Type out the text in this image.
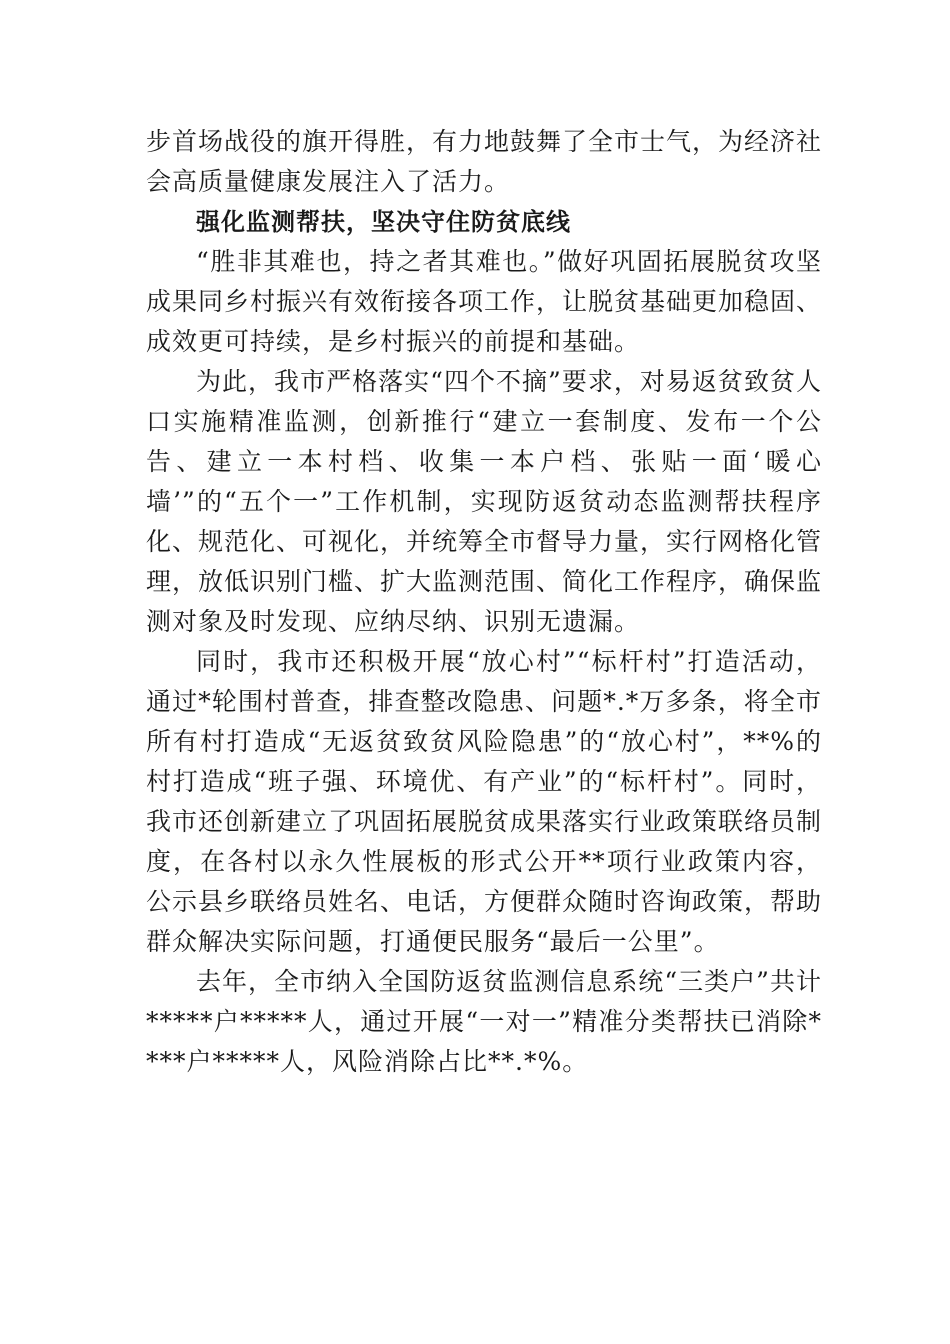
步首场战役的旗开得胜，有力地鼓舞了全市士气，为经济社会高质量健康发展注入了活力。

强化监测帮扶，坚决守住防贫底线

“胜非其难也，持之者其难也。”做好巩固拓展脱贫攻坚成果同乡村振兴有效衔接各项工作，让脱贫基础更加稳固、 成效更可持续，是乡村振兴的前提和基础。

为此，我市严格落实“四个不摘”要求，对易返贫致贫人口实施精准监测，创新推行“建立一套制度、发布一个公告、建立一本村档、收集一本户档、张贴一面‘暖心墙’”的“五个一”工作机制，实现防返贫动态监测帮扶程序化、规范化、可视化，并统筹全市督导力量，实行网格化管理，放低识别门槛、扩大监测范围、简化工作程序，确保监测对象及时发现、应纳尽纳、识别无遗漏。

同时，我市还积极开展“放心村”“标杆村”打造活动，通过*轮围村普查，排查整改隐患、问题*.*万多条，将全市所有村打造成“无返贫致贫风险隐患”的“放心村”，**%的村打造成“班子强、环境优、有产业”的“标杆村”。同时， 我市还创新建立了巩固拓展脱贫成果落实行业政策联络员制度，在各村以永久性展板的形式公开**项行业政策内容， 公示县乡联络员姓名、电话，方便群众随时咨询政策，帮助群众解决实际问题，打通便民服务“最后一公里”。

去年，全市纳入全国防返贫监测信息系统“三类户”共计*****户*****人，通过开展“一对一”精准分类帮扶已消除****户*****人，风险消除占比**.*%。
